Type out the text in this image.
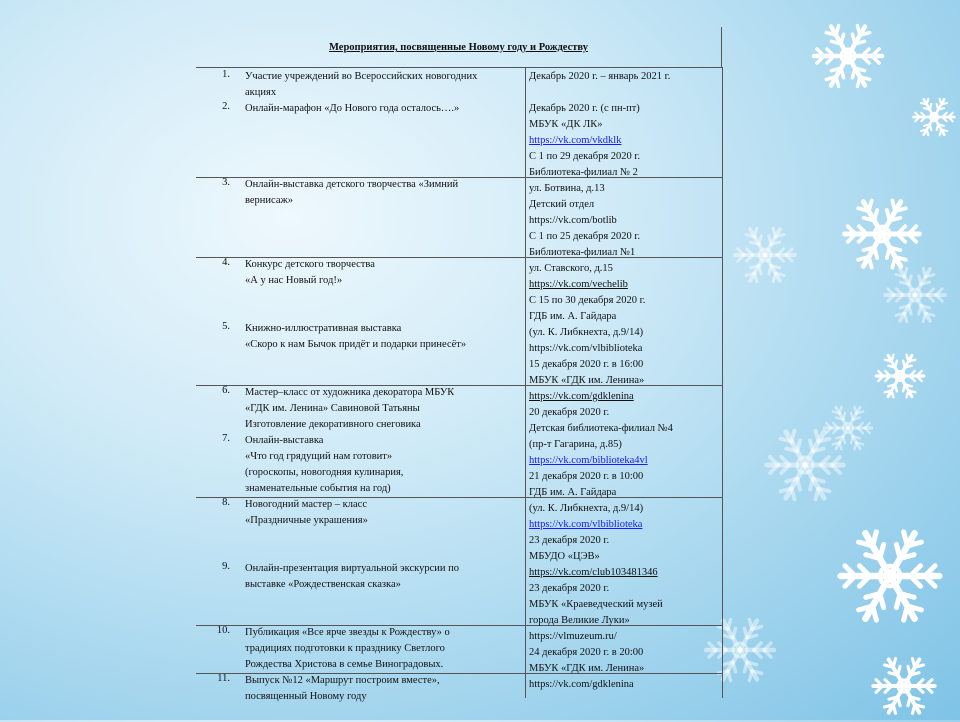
Мероприятия, посвященные Новому году и Рождеству
1. Участие учреждений во Всероссийских новогодних
акциях
2. Онлайн-марафон «До Нового года осталось….»
3. Онлайн-выставка детского творчества «Зимний
вернисаж»
4. Конкурс детского творчества
«А у нас Новый год!»
5. Книжно-иллюстративная выставка
«Скоро к нам Бычок придёт и подарки принесёт»
6. Мастер–класс от художника декоратора МБУК
«ГДК им. Ленина» Савиновой Татьяны
Изготовление декоративного снеговика
7. Онлайн-выставка
«Что год грядущий нам готовит»
(гороскопы, новогодняя кулинария,
знаменательные события на год)
8. Новогодний мастер – класс
«Праздничные украшения»
9. Онлайн-презентация виртуальной экскурсии по
выставке «Рождественская сказка»
10. Публикация «Все ярче звезды к Рождеству» о
традициях подготовки к празднику Светлого
Рождества Христова в семье Виноградовых.
11. Выпуск №12 «Маршрут построим вместе»,
посвященный Новому году
Декабрь 2020 г. – январь 2021 г.

Декабрь 2020 г. (с пн-пт)
МБУК «ДК ЛК»
https://vk.com/vkdklk
С 1 по 29 декабря 2020 г.
Библиотека-филиал № 2
ул. Ботвина, д.13
Детский отдел
https://vk.com/botlib
С 1 по 25 декабря 2020 г.
Библиотека-филиал №1
ул. Ставского, д.15
https://vk.com/vechelib
С 15 по 30 декабря 2020 г.
ГДБ им. А. Гайдара
(ул. К. Либкнехта, д.9/14)
https://vk.com/vlbiblioteka
15 декабря 2020 г. в 16:00
МБУК «ГДК им. Ленина»
https://vk.com/gdklenina
20 декабря 2020 г.
Детская библиотека-филиал №4
(пр-т Гагарина, д.85)
https://vk.com/biblioteka4vl
21 декабря 2020 г. в 10:00
ГДБ им. А. Гайдара
(ул. К. Либкнехта, д.9/14)
https://vk.com/vlbiblioteka
23 декабря 2020 г.
МБУДО «ЦЭВ»
https://vk.com/club103481346
23 декабря 2020 г.
МБУК «Краеведческий музей
города Великие Луки»
https://vlmuzeum.ru/
24 декабря 2020 г. в 20:00
МБУК «ГДК им. Ленина»
https://vk.com/gdklenina
